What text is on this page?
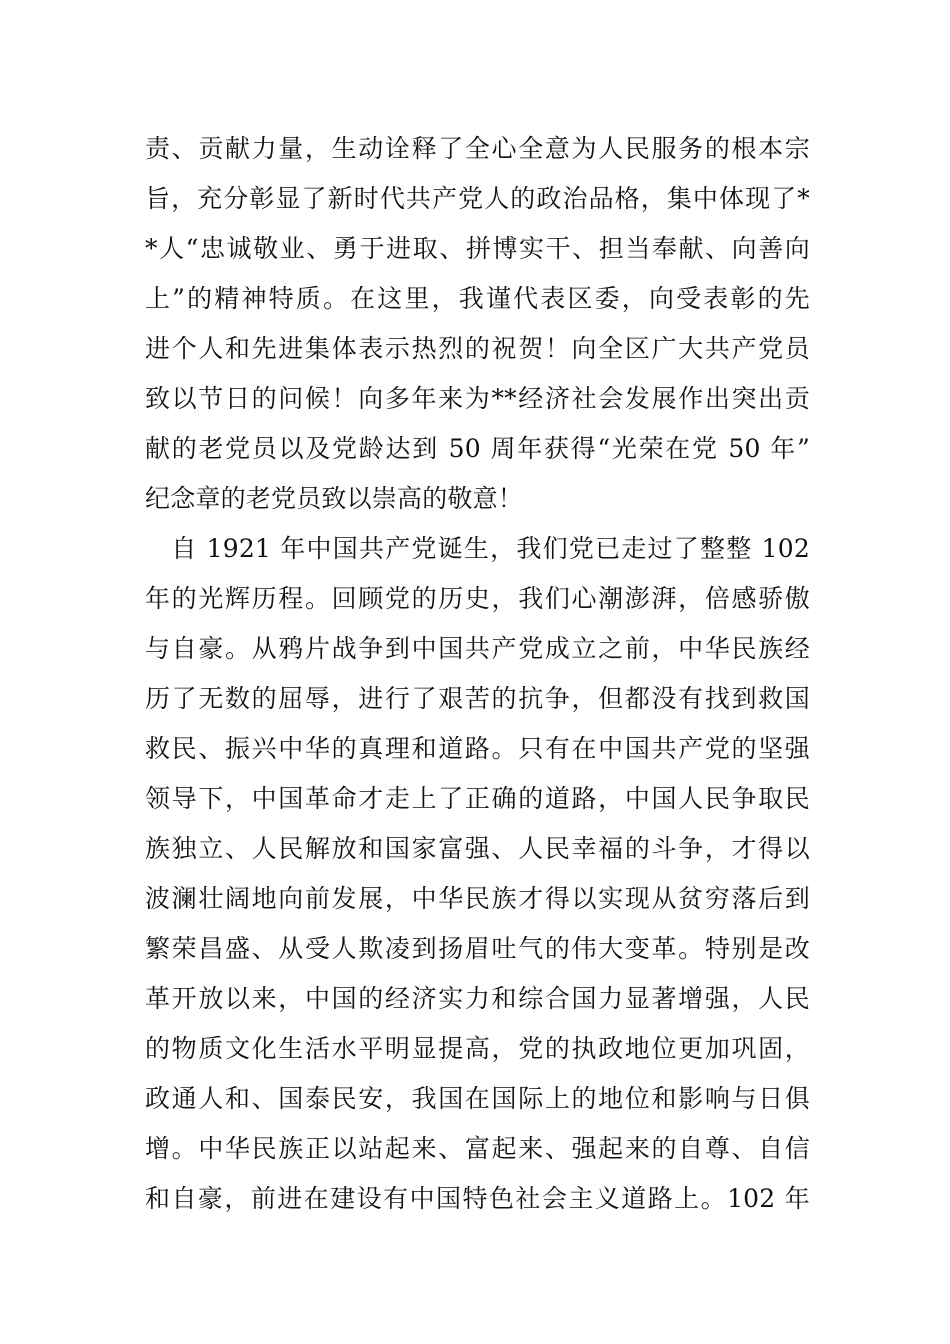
责、贡献力量，生动诠释了全心全意为人民服务的根本宗
旨，充分彰显了新时代共产党人的政治品格，集中体现了*
*人“忠诚敬业、勇于进取、拼博实干、担当奉献、向善向
上”的精神特质。在这里，我谨代表区委，向受表彰的先
进个人和先进集体表示热烈的祝贺！向全区广大共产党员
致以节日的问候！向多年来为**经济社会发展作出突出贡
献的老党员以及党龄达到 50 周年获得“光荣在党 50 年”
纪念章的老党员致以崇高的敬意！
　自 1921 年中国共产党诞生，我们党已走过了整整 102
年的光辉历程。回顾党的历史，我们心潮澎湃，倍感骄傲
与自豪。从鸦片战争到中国共产党成立之前，中华民族经
历了无数的屈辱，进行了艰苦的抗争，但都没有找到救国
救民、振兴中华的真理和道路。只有在中国共产党的坚强
领导下，中国革命才走上了正确的道路，中国人民争取民
族独立、人民解放和国家富强、人民幸福的斗争，才得以
波澜壮阔地向前发展，中华民族才得以实现从贫穷落后到
繁荣昌盛、从受人欺凌到扬眉吐气的伟大变革。特别是改
革开放以来，中国的经济实力和综合国力显著增强，人民
的物质文化生活水平明显提高，党的执政地位更加巩固，
政通人和、国泰民安，我国在国际上的地位和影响与日俱
增。中华民族正以站起来、富起来、强起来的自尊、自信
和自豪，前进在建设有中国特色社会主义道路上。102 年
